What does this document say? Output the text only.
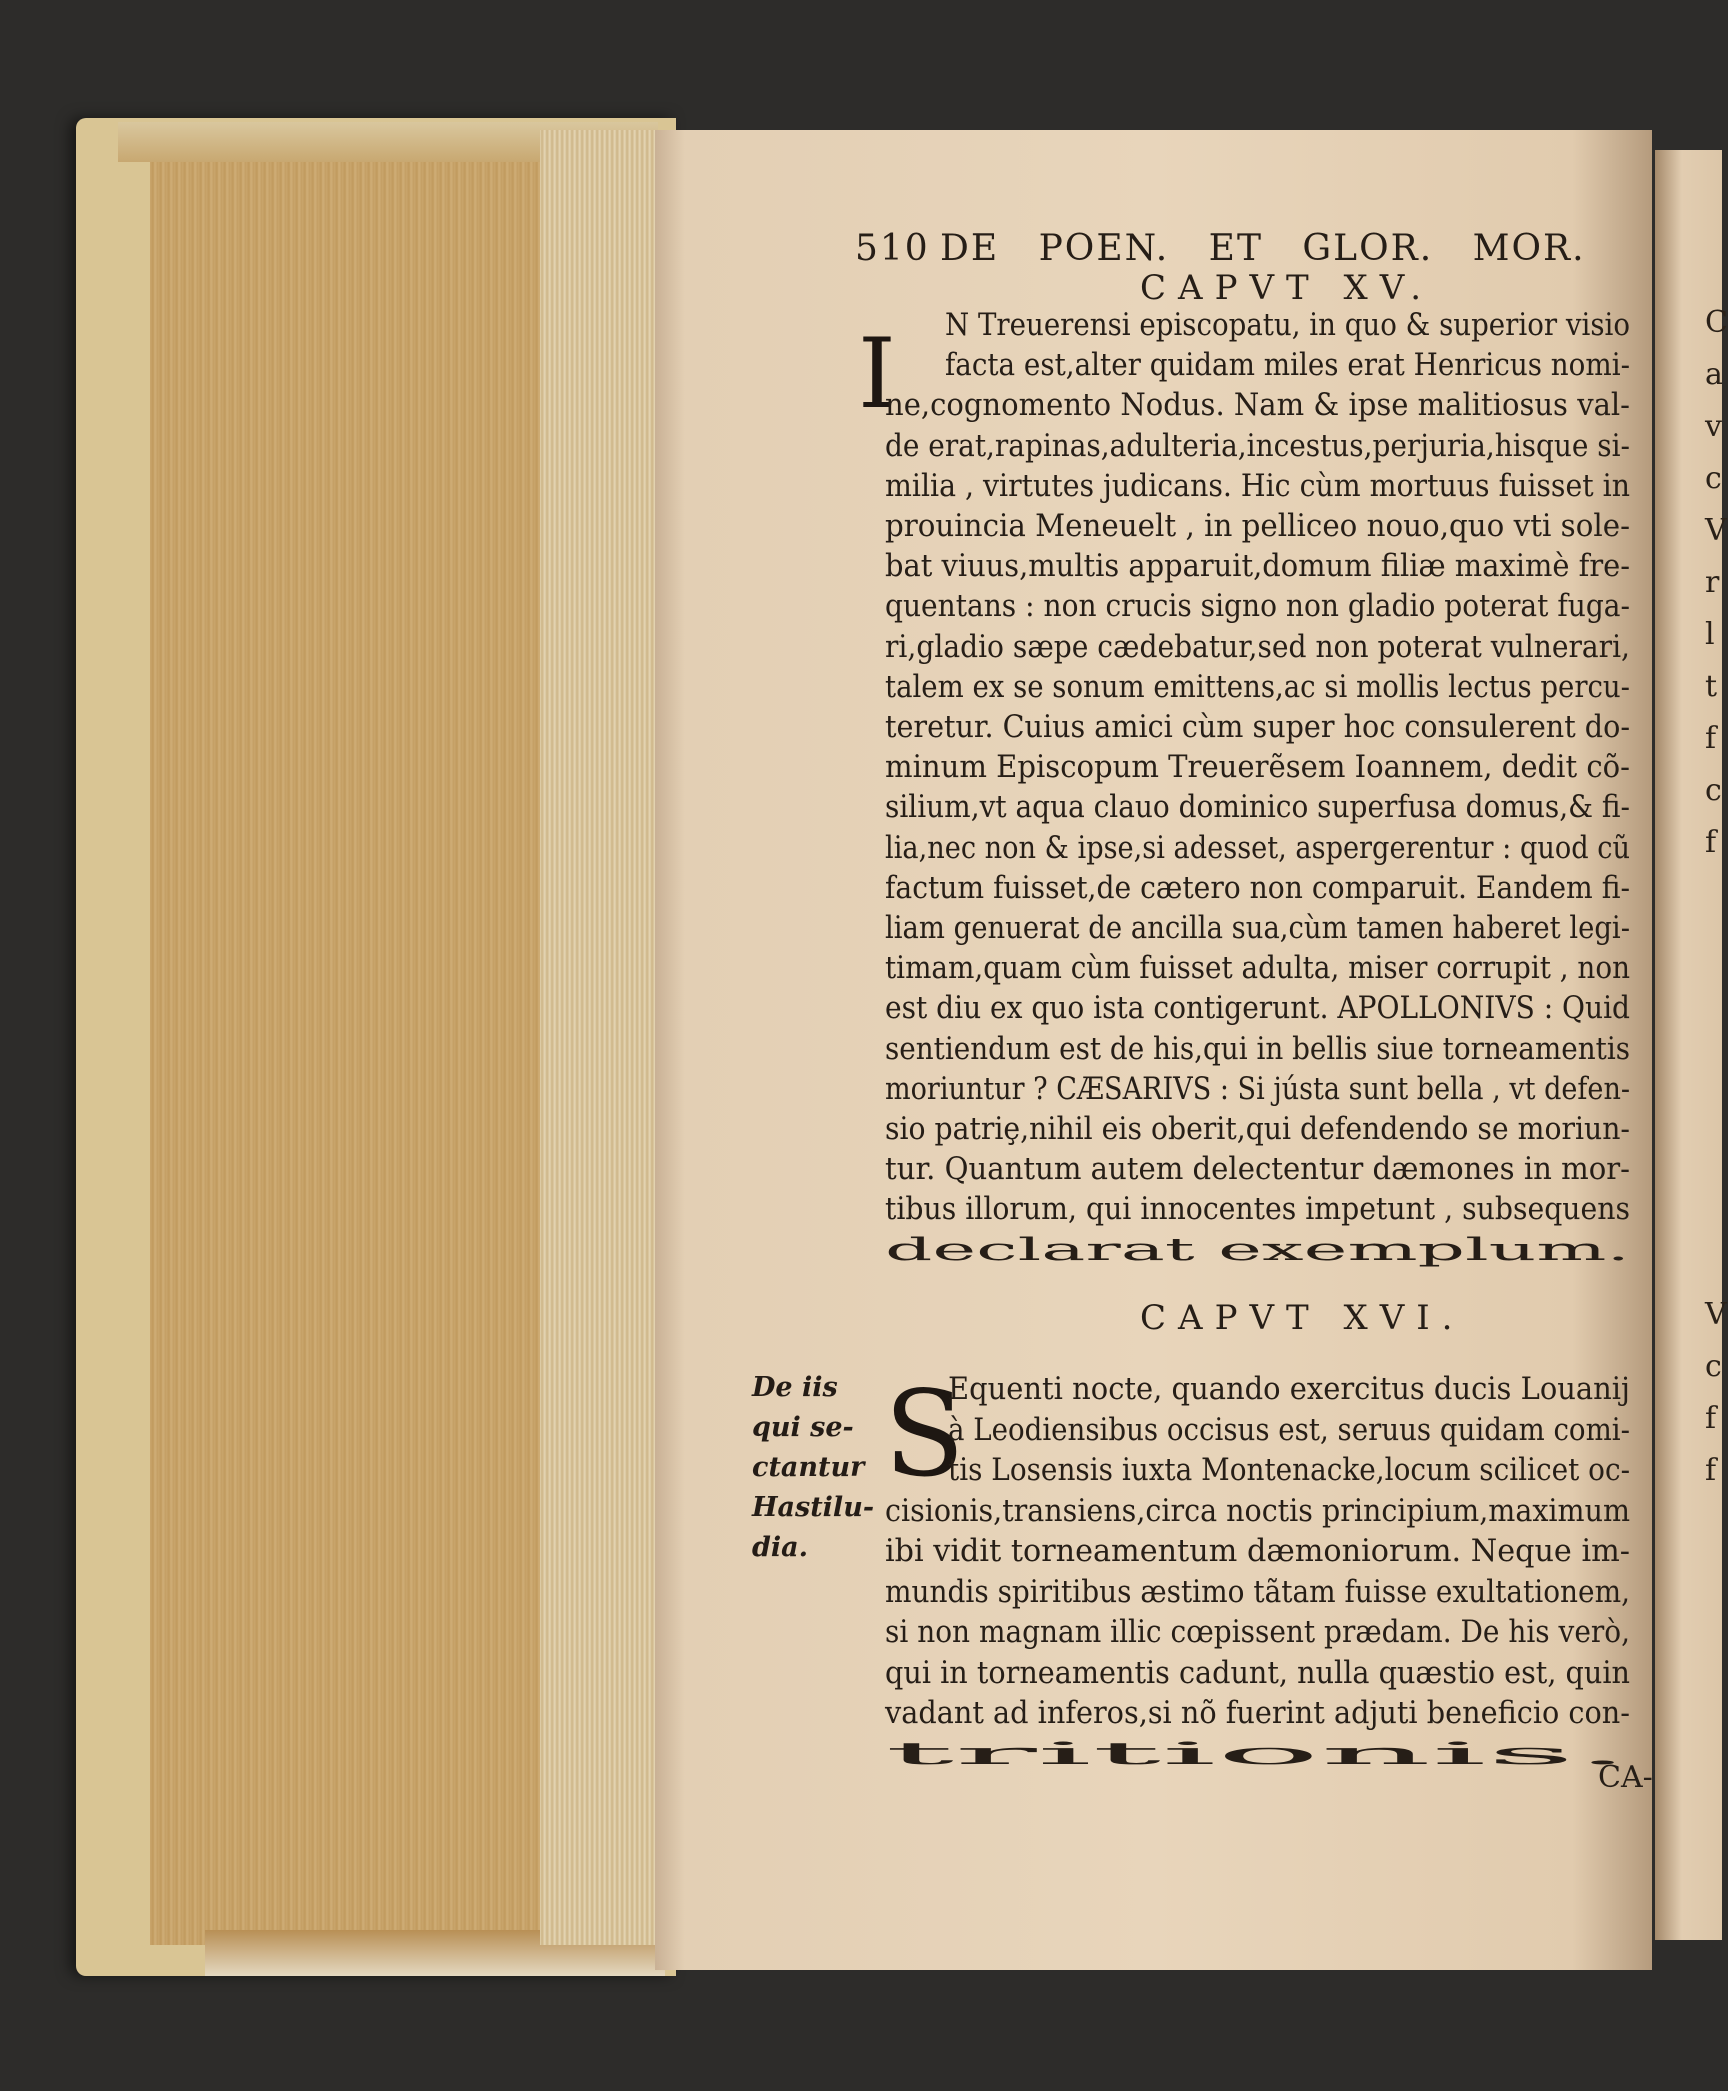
C
a
v
c
V
r
l
t
f
c
f
V
c
f
f
510 DE POEN. ET GLOR. MOR.
CAPVT XV.
I N Treuerensi episcopatu, in quo & superior visio
facta est,alter quidam miles erat Henricus nomi-
ne,cognomento Nodus. Nam & ipse malitiosus val-
de erat,rapinas,adulteria,incestus,perjuria,hisque si-
milia , virtutes judicans. Hic cùm mortuus fuisset in
prouincia Meneuelt , in pelliceo nouo,quo vti sole-
bat viuus,multis apparuit,domum filiæ maximè fre-
quentans : non crucis signo non gladio poterat fuga-
ri,gladio sæpe cædebatur,sed non poterat vulnerari,
talem ex se sonum emittens,ac si mollis lectus percu-
teretur. Cuius amici cùm super hoc consulerent do-
minum Episcopum Treuerẽsem Ioannem, dedit cõ-
silium,vt aqua clauo dominico superfusa domus,& fi-
lia,nec non & ipse,si adesset, aspergerentur : quod cũ
factum fuisset,de cætero non comparuit. Eandem fi-
liam genuerat de ancilla sua,cùm tamen haberet legi-
timam,quam cùm fuisset adulta, miser corrupit , non
est diu ex quo ista contigerunt. APOLLONIVS : Quid
sentiendum est de his,qui in bellis siue torneamentis
moriuntur ? CÆSARIVS : Si jústa sunt bella , vt defen-
sio patriȩ,nihil eis oberit,qui defendendo se moriun-
tur. Quantum autem delectentur dæmones in mor-
tibus illorum, qui innocentes impetunt , subsequens
declarat exemplum.
CAPVT XVI.
S
Equenti nocte, quando exercitus ducis Louanij
à Leodiensibus occisus est, seruus quidam comi-
tis Losensis iuxta Montenacke,locum scilicet oc-
cisionis,transiens,circa noctis principium,maximum
ibi vidit torneamentum dæmoniorum. Neque im-
mundis spiritibus æstimo tãtam fuisse exultationem,
si non magnam illic cœpissent prædam. De his verò,
qui in torneamentis cadunt, nulla quæstio est, quin
vadant ad inferos,si nõ fuerint adjuti beneficio con-
tritionis.
De iis
qui se-
ctantur
Hastilu-
dia.
CA-
